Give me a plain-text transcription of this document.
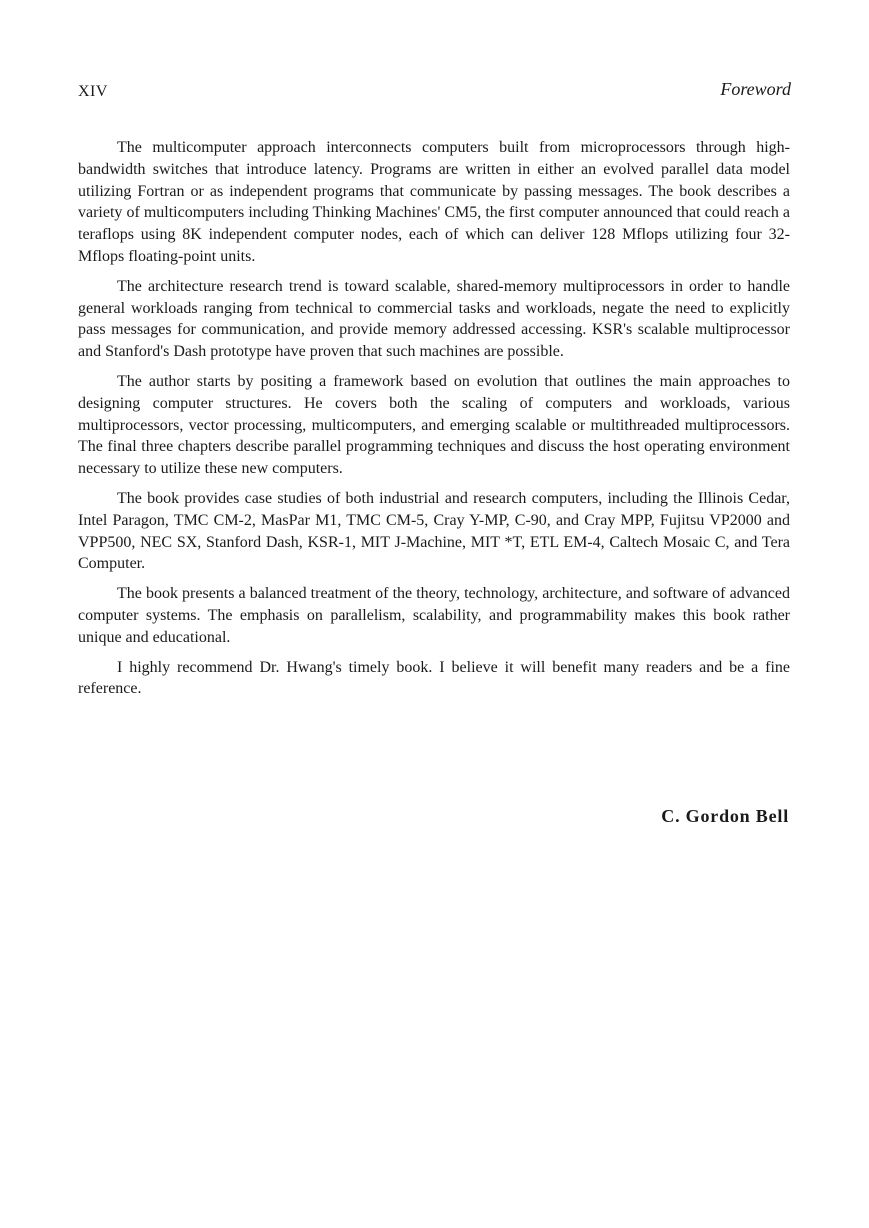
XIV	Foreword

The multicomputer approach interconnects computers built from microprocessors through high-bandwidth switches that introduce latency. Programs are written in either an evolved parallel data model utilizing Fortran or as independent programs that communicate by passing messages. The book describes a variety of multicomputers including Thinking Machines' CM5, the first computer announced that could reach a teraflops using 8K independent computer nodes, each of which can deliver 128 Mflops utilizing four 32-Mflops floating-point units.

The architecture research trend is toward scalable, shared-memory multiprocessors in order to handle general workloads ranging from technical to commercial tasks and workloads, negate the need to explicitly pass messages for communication, and provide memory addressed accessing. KSR's scalable multiprocessor and Stanford's Dash prototype have proven that such machines are possible.

The author starts by positing a framework based on evolution that outlines the main approaches to designing computer structures. He covers both the scaling of computers and workloads, various multiprocessors, vector processing, multicomputers, and emerging scalable or multithreaded multiprocessors. The final three chapters describe parallel programming techniques and discuss the host operating environment necessary to utilize these new computers.

The book provides case studies of both industrial and research computers, including the Illinois Cedar, Intel Paragon, TMC CM-2, MasPar M1, TMC CM-5, Cray Y-MP, C-90, and Cray MPP, Fujitsu VP2000 and VPP500, NEC SX, Stanford Dash, KSR-1, MIT J-Machine, MIT *T, ETL EM-4, Caltech Mosaic C, and Tera Computer.

The book presents a balanced treatment of the theory, technology, architecture, and software of advanced computer systems. The emphasis on parallelism, scalability, and programmability makes this book rather unique and educational.

I highly recommend Dr. Hwang's timely book. I believe it will benefit many readers and be a fine reference.

C. Gordon Bell
